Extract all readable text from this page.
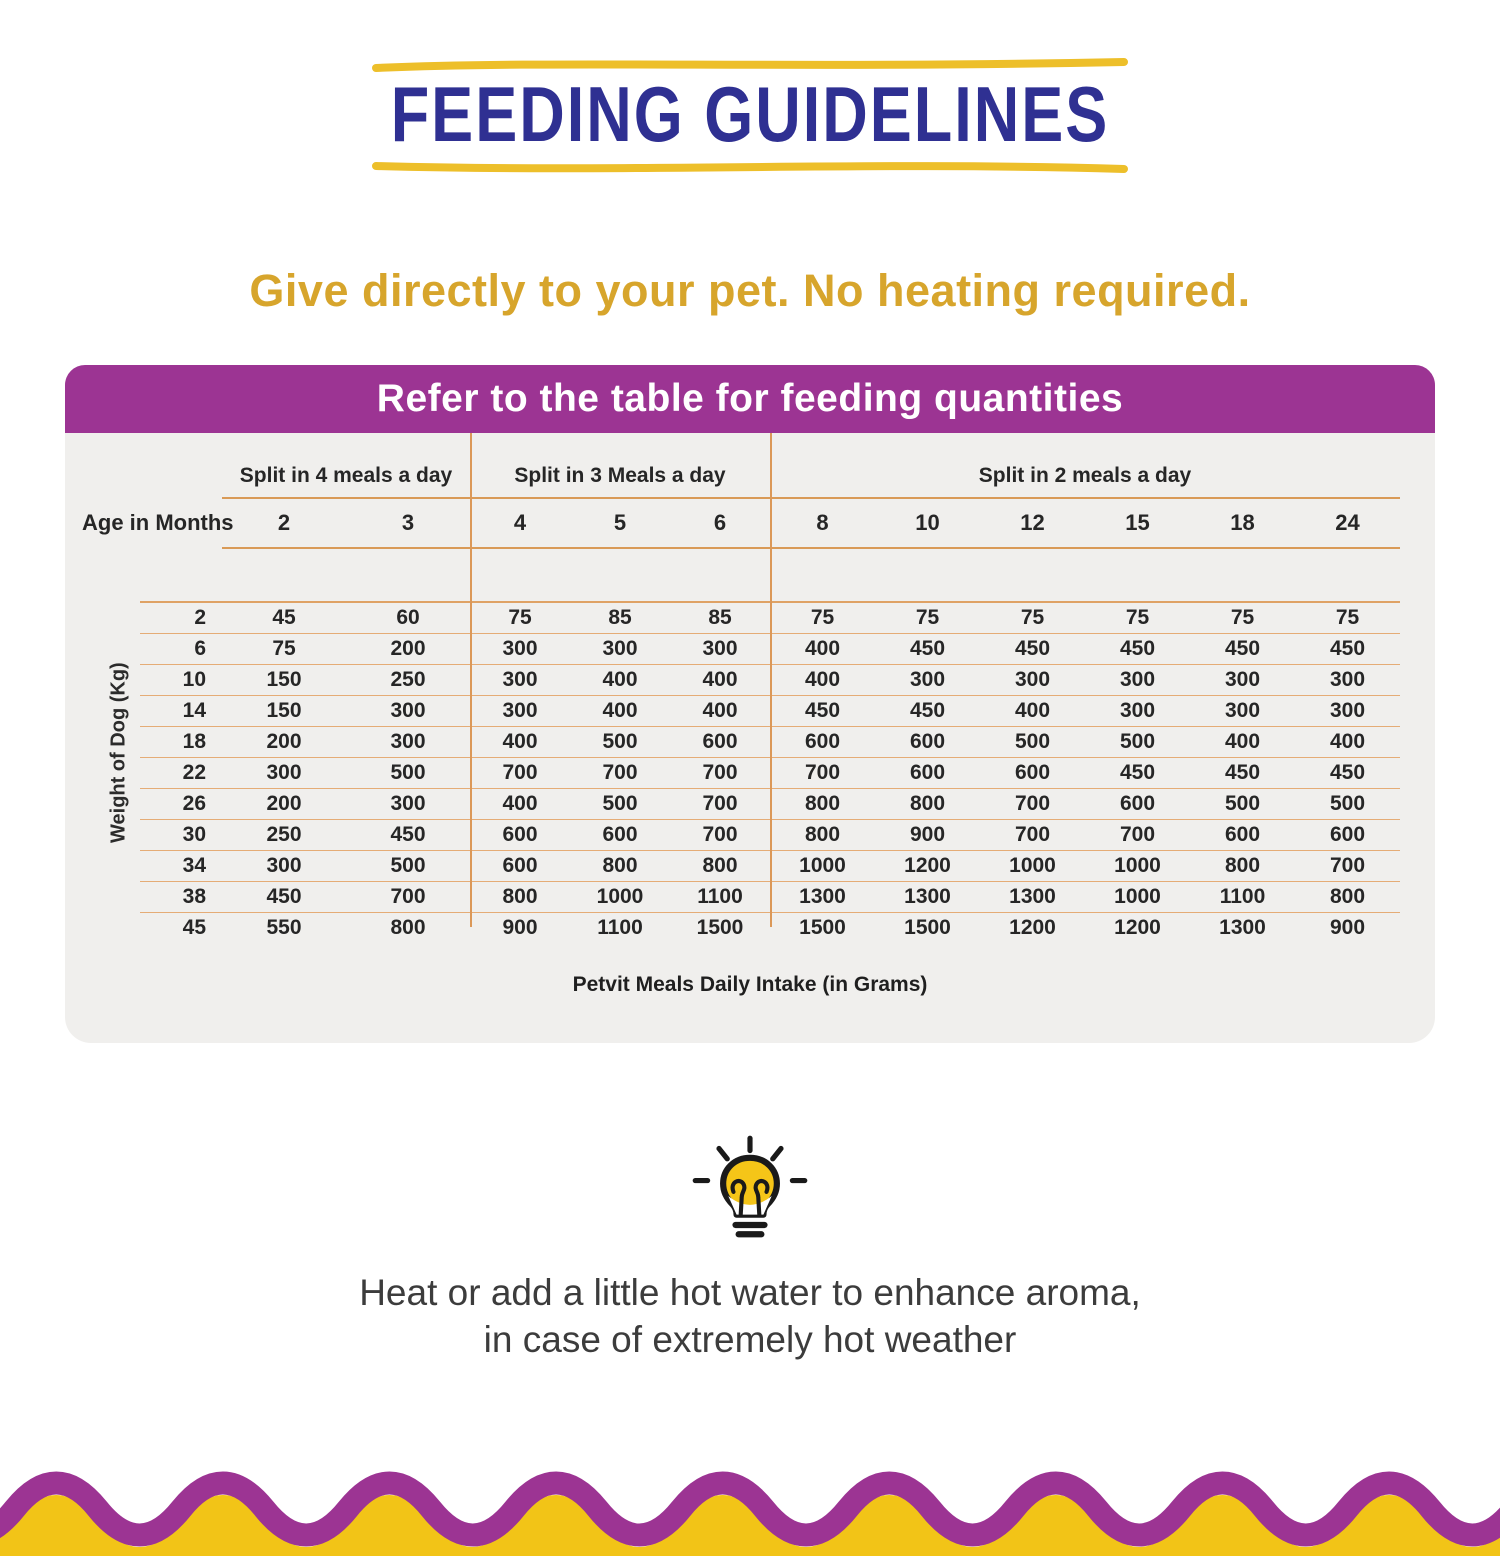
FEEDING GUIDELINES
Give directly to your pet. No heating required.
Refer to the table for feeding quantities
Weight of Dog (Kg)
Split in 4 meals a day	Split in 3 Meals a day	Split in 2 meals a day
Age in Months	2	3	4	5	6	8	10	12	15	18	24
2	45	60	75	85	85	75	75	75	75	75	75
6	75	200	300	300	300	400	450	450	450	450	450
10	150	250	300	400	400	400	300	300	300	300	300
14	150	300	300	400	400	450	450	400	300	300	300
18	200	300	400	500	600	600	600	500	500	400	400
22	300	500	700	700	700	700	600	600	450	450	450
26	200	300	400	500	700	800	800	700	600	500	500
30	250	450	600	600	700	800	900	700	700	600	600
34	300	500	600	800	800	1000	1200	1000	1000	800	700
38	450	700	800	1000	1100	1300	1300	1300	1000	1100	800
45	550	800	900	1100	1500	1500	1500	1200	1200	1300	900
Petvit Meals Daily Intake (in Grams)
Heat or add a little hot water to enhance aroma,
in case of extremely hot weather
